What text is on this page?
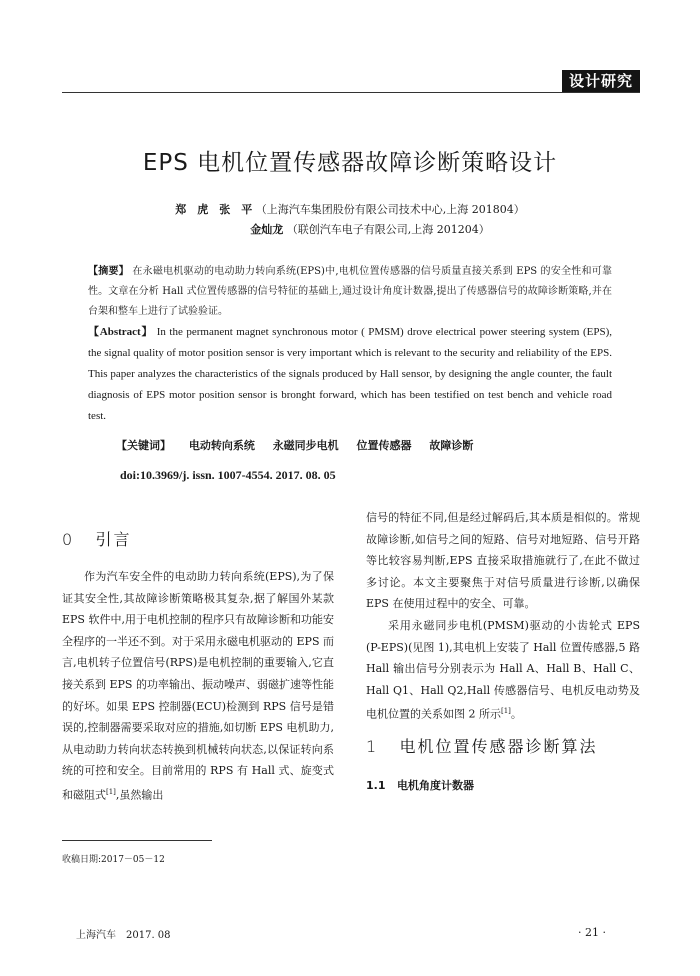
设计研究
EPS 电机位置传感器故障诊断策略设计
郑　虎　张　平 （上海汽车集团股份有限公司技术中心,上海 201804）
金灿龙 （联创汽车电子有限公司,上海 201204）
【摘要】 在永磁电机驱动的电动助力转向系统(EPS)中,电机位置传感器的信号质量直接关系到 EPS 的安全性和可靠性。文章在分析 Hall 式位置传感器的信号特征的基础上,通过设计角度计数器,提出了传感器信号的故障诊断策略,并在台架和整车上进行了试验验证。
【Abstract】 In the permanent magnet synchronous motor ( PMSM) drove electrical power steering system (EPS), the signal quality of motor position sensor is very important which is relevant to the security and reliability of the EPS. This paper analyzes the characteristics of the signals produced by Hall sensor, by designing the angle counter, the fault diagnosis of EPS motor position sensor is bronght forward, which has been testified on test bench and vehicle road test.
【关键词】 电动转向系统 永磁同步电机 位置传感器 故障诊断
doi:10.3969/j. issn. 1007-4554. 2017. 08. 05
0 引言

作为汽车安全件的电动助力转向系统(EPS),为了保证其安全性,其故障诊断策略极其复杂,据了解国外某款 EPS 软件中,用于电机控制的程序只有故障诊断和功能安全程序的一半还不到。对于采用永磁电机驱动的 EPS 而言,电机转子位置信号(RPS)是电机控制的重要输入,它直接关系到 EPS 的功率输出、振动噪声、弱磁扩速等性能的好坏。如果 EPS 控制器(ECU)检测到 RPS 信号是错误的,控制器需要采取对应的措施,如切断 EPS 电机助力,从电动助力转向状态转换到机械转向状态,以保证转向系统的可控和安全。目前常用的 RPS 有 Hall 式、旋变式和磁阻式[1],虽然输出

信号的特征不同,但是经过解码后,其本质是相似的。常规故障诊断,如信号之间的短路、信号对地短路、信号开路等比较容易判断,EPS 直接采取措施就行了,在此不做过多讨论。本文主要聚焦于对信号质量进行诊断,以确保 EPS 在使用过程中的安全、可靠。

采用永磁同步电机(PMSM)驱动的小齿轮式 EPS (P-EPS)(见图 1),其电机上安装了 Hall 位置传感器,5 路 Hall 输出信号分别表示为 Hall A、Hall B、Hall C、Hall Q1、Hall Q2,Hall 传感器信号、电机反电动势及电机位置的关系如图 2 所示[1]。

1 电机位置传感器诊断算法
1.1 电机角度计数器
收稿日期:2017－05－12
上海汽车　2017. 08	· 21 ·
